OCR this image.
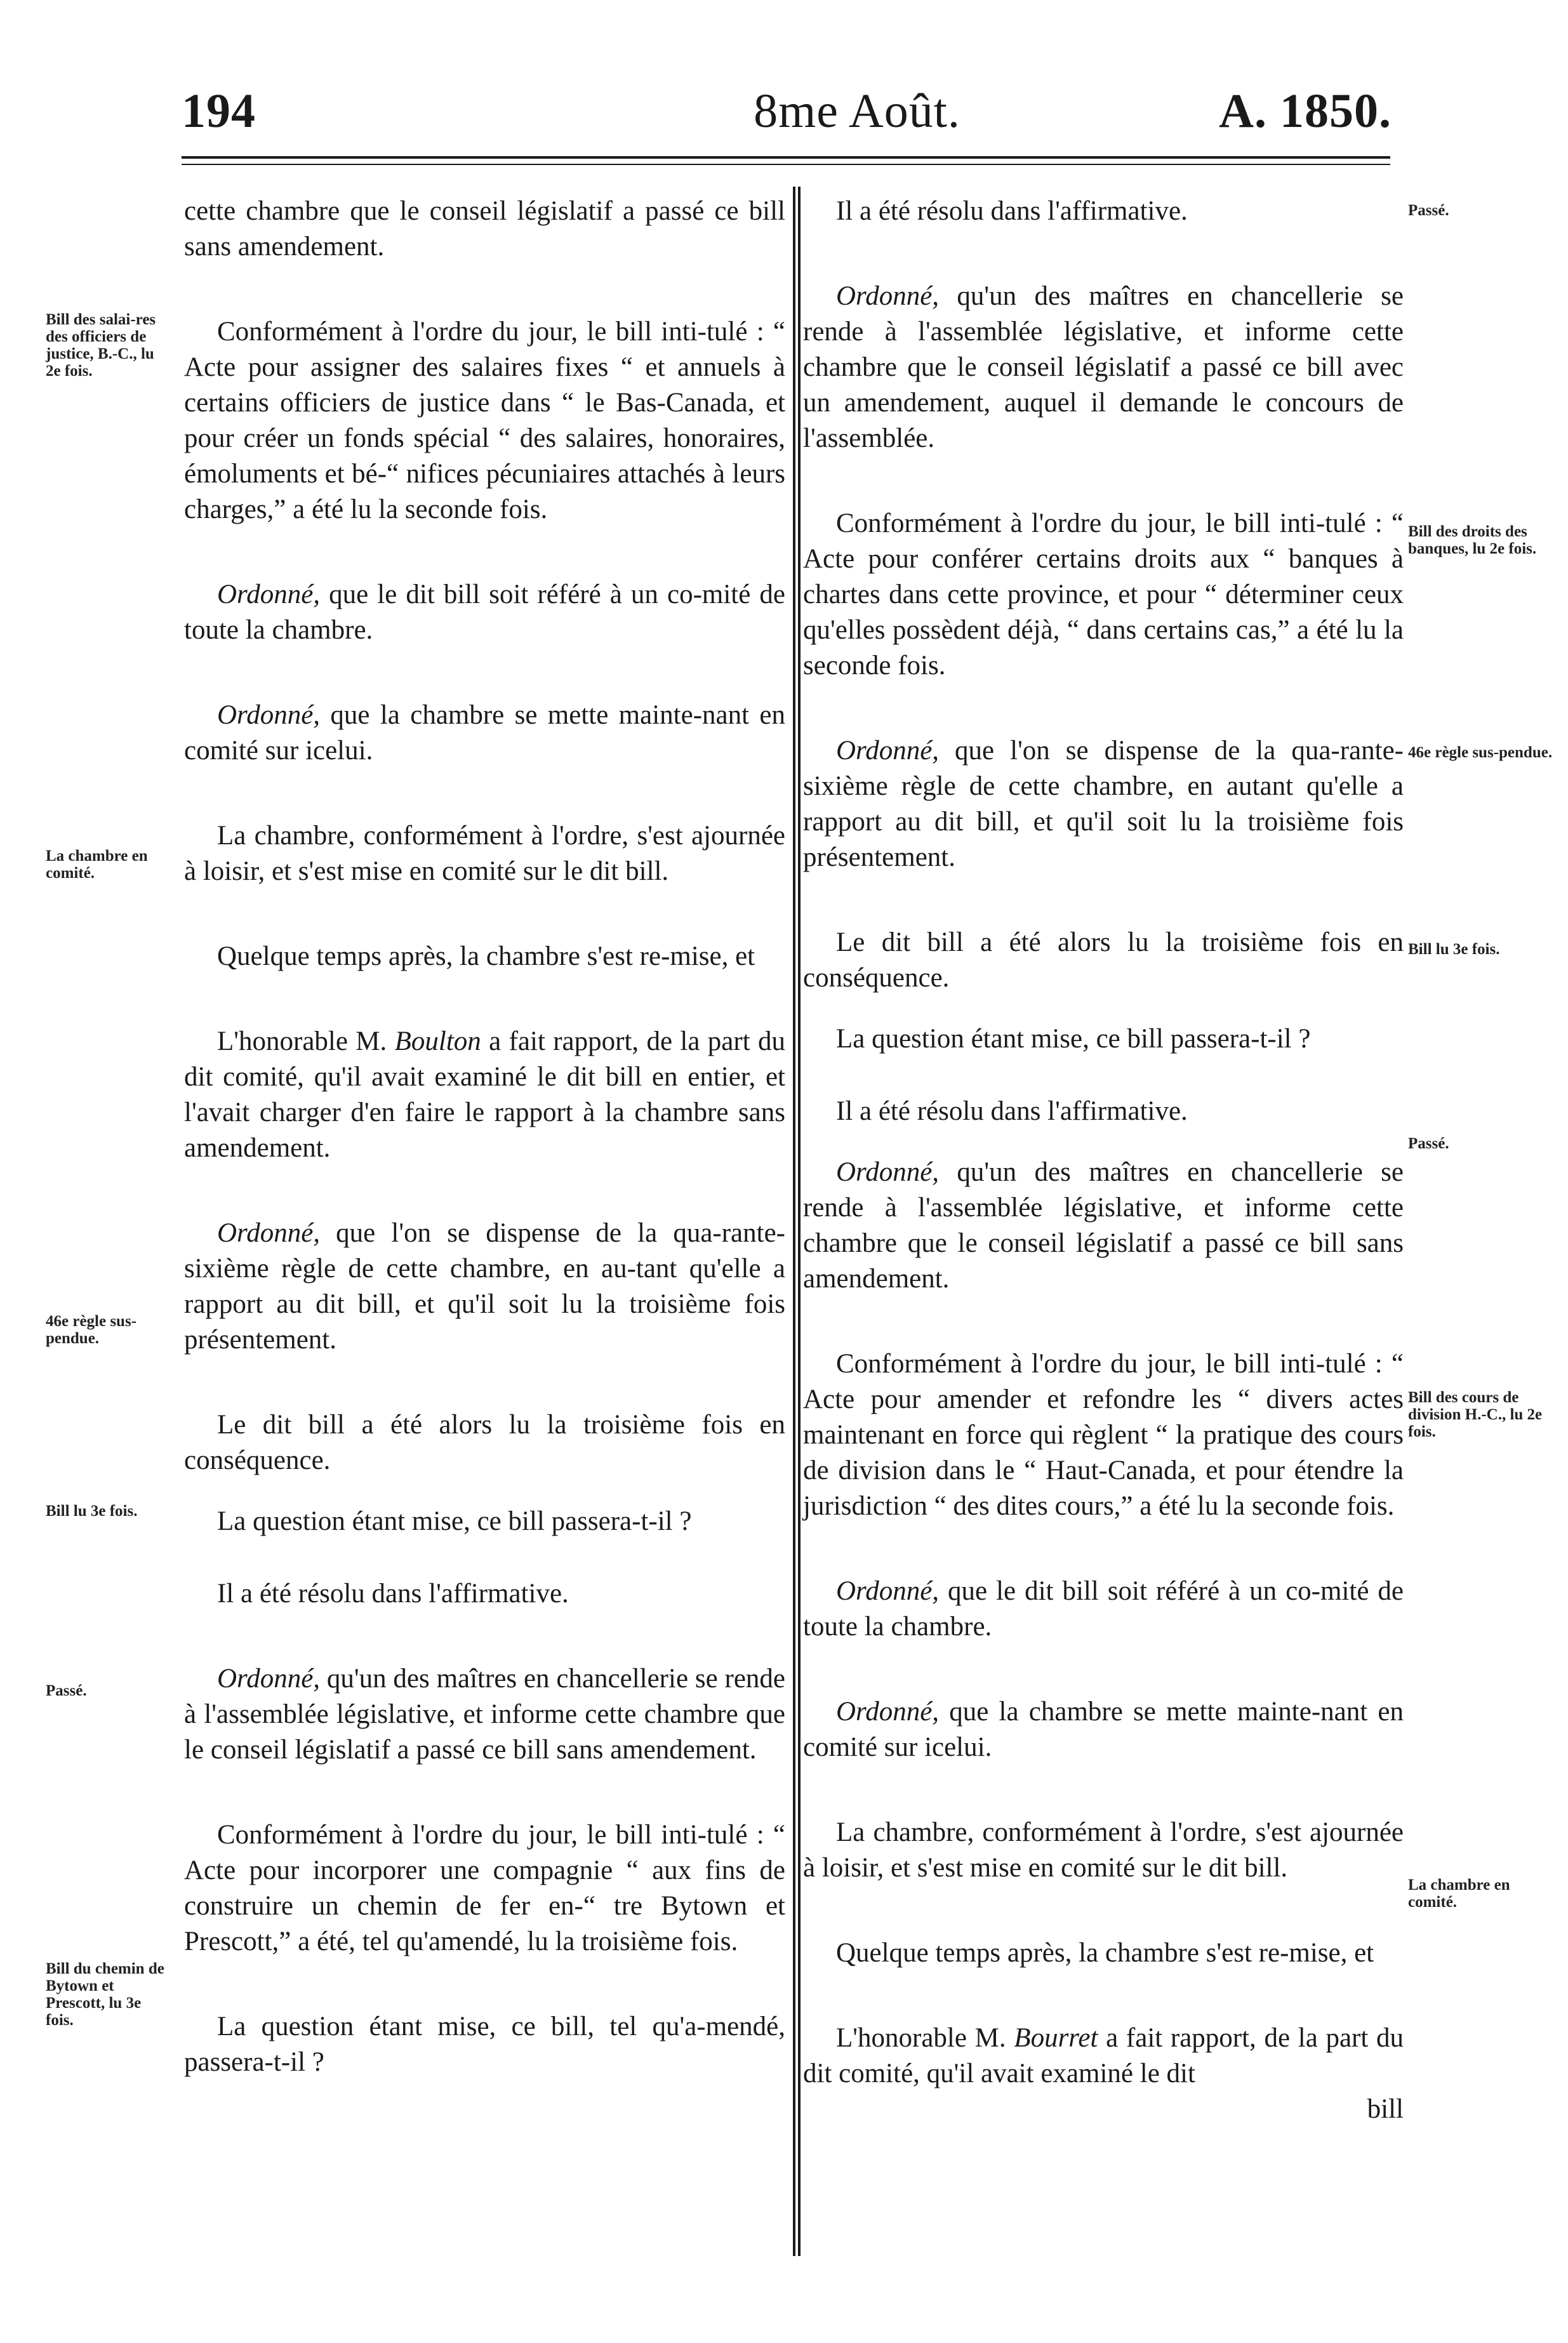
194	8me Août.	A. 1850.
Bill des salai-res des officiers de justice, B.-C., lu 2e fois.
La chambre en comité.
46e règle sus-pendue.
Bill lu 3e fois.
Passé.
Bill du chemin de Bytown et Prescott, lu 3e fois.
Passé.
Bill des droits des banques, lu 2e fois.
46e règle sus-pendue.
Bill lu 3e fois.
Passé.
Bill des cours de division H.-C., lu 2e fois.
La chambre en comité.

cette chambre que le conseil législatif a passé ce bill sans amendement.

Conformément à l'ordre du jour, le bill inti-tulé : “ Acte pour assigner des salaires fixes “ et annuels à certains officiers de justice dans “ le Bas-Canada, et pour créer un fonds spécial “ des salaires, honoraires, émoluments et bé-“ nifices pécuniaires attachés à leurs charges,” a été lu la seconde fois.

Ordonné, que le dit bill soit référé à un co-mité de toute la chambre.

Ordonné, que la chambre se mette mainte-nant en comité sur icelui.

La chambre, conformément à l'ordre, s'est ajournée à loisir, et s'est mise en comité sur le dit bill.

Quelque temps après, la chambre s'est re-mise, et

L'honorable M. Boulton a fait rapport, de la part du dit comité, qu'il avait examiné le dit bill en entier, et l'avait charger d'en faire le rapport à la chambre sans amendement.

Ordonné, que l'on se dispense de la qua-rante-sixième règle de cette chambre, en au-tant qu'elle a rapport au dit bill, et qu'il soit lu la troisième fois présentement.

Le dit bill a été alors lu la troisième fois en conséquence.

La question étant mise, ce bill passera-t-il ?

Il a été résolu dans l'affirmative.

Ordonné, qu'un des maîtres en chancellerie se rende à l'assemblée législative, et informe cette chambre que le conseil législatif a passé ce bill sans amendement.

Conformément à l'ordre du jour, le bill inti-tulé : “ Acte pour incorporer une compagnie “ aux fins de construire un chemin de fer en-“ tre Bytown et Prescott,” a été, tel qu'amendé, lu la troisième fois.

La question étant mise, ce bill, tel qu'a-mendé, passera-t-il ?

Il a été résolu dans l'affirmative.

Ordonné, qu'un des maîtres en chancellerie se rende à l'assemblée législative, et informe cette chambre que le conseil législatif a passé ce bill avec un amendement, auquel il demande le concours de l'assemblée.

Conformément à l'ordre du jour, le bill inti-tulé : “ Acte pour conférer certains droits aux “ banques à chartes dans cette province, et pour “ déterminer ceux qu'elles possèdent déjà, “ dans certains cas,” a été lu la seconde fois.

Ordonné, que l'on se dispense de la qua-rante-sixième règle de cette chambre, en autant qu'elle a rapport au dit bill, et qu'il soit lu la troisième fois présentement.

Le dit bill a été alors lu la troisième fois en conséquence.

La question étant mise, ce bill passera-t-il ?

Il a été résolu dans l'affirmative.

Ordonné, qu'un des maîtres en chancellerie se rende à l'assemblée législative, et informe cette chambre que le conseil législatif a passé ce bill sans amendement.

Conformément à l'ordre du jour, le bill inti-tulé : “ Acte pour amender et refondre les “ divers actes maintenant en force qui règlent “ la pratique des cours de division dans le “ Haut-Canada, et pour étendre la jurisdiction “ des dites cours,” a été lu la seconde fois.

Ordonné, que le dit bill soit référé à un co-mité de toute la chambre.

Ordonné, que la chambre se mette mainte-nant en comité sur icelui.

La chambre, conformément à l'ordre, s'est ajournée à loisir, et s'est mise en comité sur le dit bill.

Quelque temps après, la chambre s'est re-mise, et

L'honorable M. Bourret a fait rapport, de la part du dit comité, qu'il avait examiné le dit

bill
